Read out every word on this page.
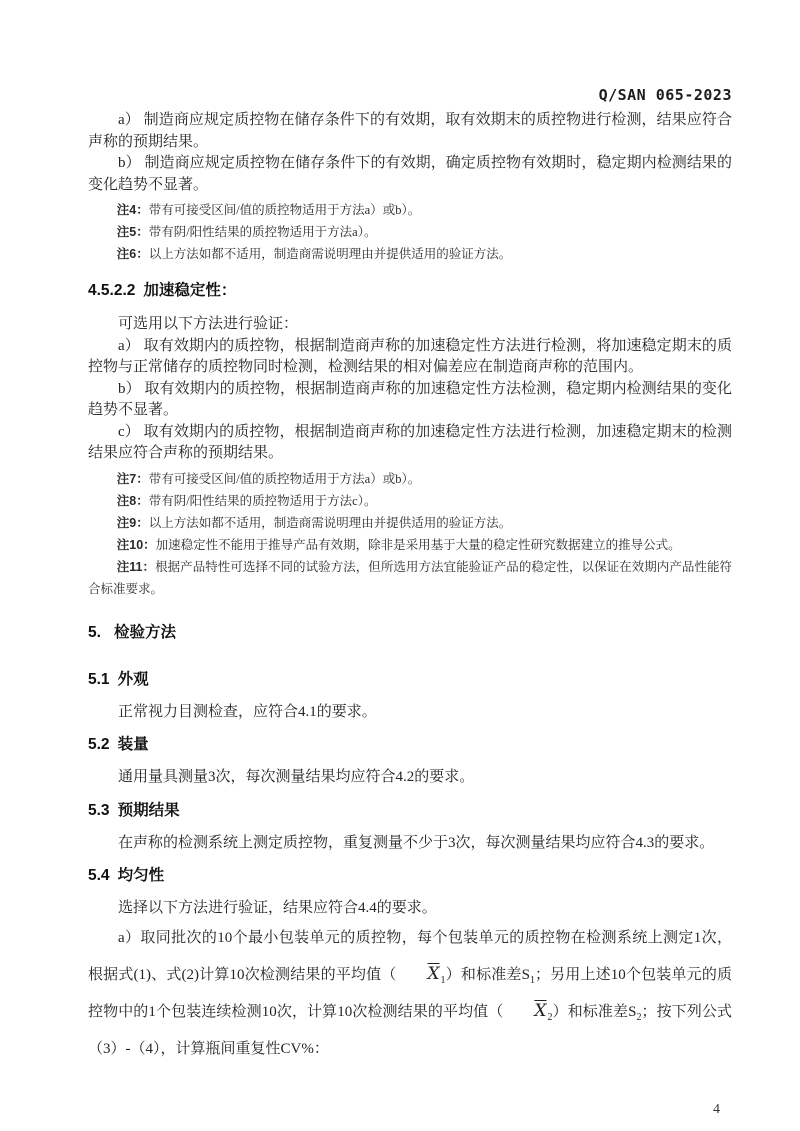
Q/SAN 065-2023

a） 制造商应规定质控物在储存条件下的有效期，取有效期末的质控物进行检测，结果应符合声称的预期结果。

b） 制造商应规定质控物在储存条件下的有效期，确定质控物有效期时，稳定期内检测结果的变化趋势不显著。

注4：带有可接受区间/值的质控物适用于方法a）或b）。

注5：带有阴/阳性结果的质控物适用于方法a）。

注6：以上方法如都不适用，制造商需说明理由并提供适用的验证方法。

4.5.2.2 加速稳定性：

可选用以下方法进行验证：

a） 取有效期内的质控物，根据制造商声称的加速稳定性方法进行检测，将加速稳定期末的质控物与正常储存的质控物同时检测，检测结果的相对偏差应在制造商声称的范围内。

b） 取有效期内的质控物，根据制造商声称的加速稳定性方法检测，稳定期内检测结果的变化趋势不显著。

c） 取有效期内的质控物，根据制造商声称的加速稳定性方法进行检测，加速稳定期末的检测结果应符合声称的预期结果。

注7：带有可接受区间/值的质控物适用于方法a）或b）。

注8：带有阴/阳性结果的质控物适用于方法c）。

注9：以上方法如都不适用，制造商需说明理由并提供适用的验证方法。

注10：加速稳定性不能用于推导产品有效期，除非是采用基于大量的稳定性研究数据建立的推导公式。

注11：根据产品特性可选择不同的试验方法，但所选用方法宜能验证产品的稳定性，以保证在效期内产品性能符合标准要求。

5. 检验方法
5.1 外观

正常视力目测检查，应符合4.1的要求。

5.2 装量

通用量具测量3次，每次测量结果均应符合4.2的要求。

5.3 预期结果

在声称的检测系统上测定质控物，重复测量不少于3次，每次测量结果均应符合4.3的要求。

5.4 均匀性

选择以下方法进行验证，结果应符合4.4的要求。

a）取同批次的10个最小包装单元的质控物，每个包装单元的质控物在检测系统上测定1次，根据式(1)、式(2)计算10次检测结果的平均值（ $\overline{X}_1$）和标准差$S_1$；另用上述10个包装单元的质控物中的1个包装连续检测10次，计算10次检测结果的平均值（ $\overline{X}_2$）和标准差$S_2$；按下列公式（3）-（4），计算瓶间重复性CV%：

4
